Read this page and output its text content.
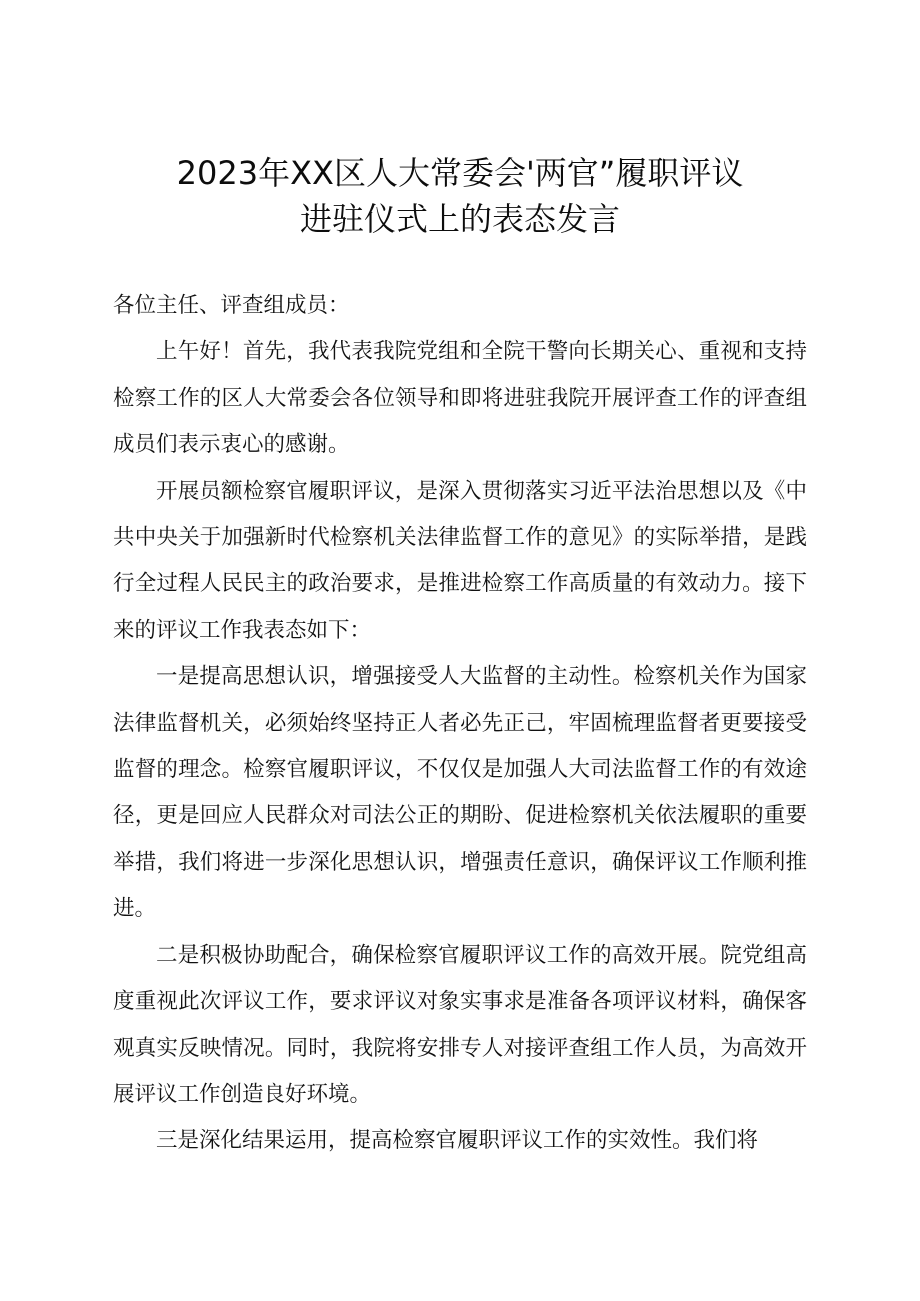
2023年XX区人大常委会'两官”履职评议
进驻仪式上的表态发言

各位主任、评查组成员：

上午好！首先，我代表我院党组和全院干警向长期关心、重视和支持检察工作的区人大常委会各位领导和即将进驻我院开展评查工作的评查组成员们表示衷心的感谢。

开展员额检察官履职评议，是深入贯彻落实习近平法治思想以及《中共中央关于加强新时代检察机关法律监督工作的意见》的实际举措，是践行全过程人民民主的政治要求，是推进检察工作高质量的有效动力。接下来的评议工作我表态如下：

一是提高思想认识，增强接受人大监督的主动性。检察机关作为国家法律监督机关，必须始终坚持正人者必先正己，牢固梳理监督者更要接受监督的理念。检察官履职评议，不仅仅是加强人大司法监督工作的有效途径，更是回应人民群众对司法公正的期盼、促进检察机关依法履职的重要举措，我们将进一步深化思想认识，增强责任意识，确保评议工作顺利推进。

二是积极协助配合，确保检察官履职评议工作的高效开展。院党组高度重视此次评议工作，要求评议对象实事求是准备各项评议材料，确保客观真实反映情况。同时，我院将安排专人对接评查组工作人员，为高效开展评议工作创造良好环境。

三是深化结果运用，提高检察官履职评议工作的实效性。我们将
